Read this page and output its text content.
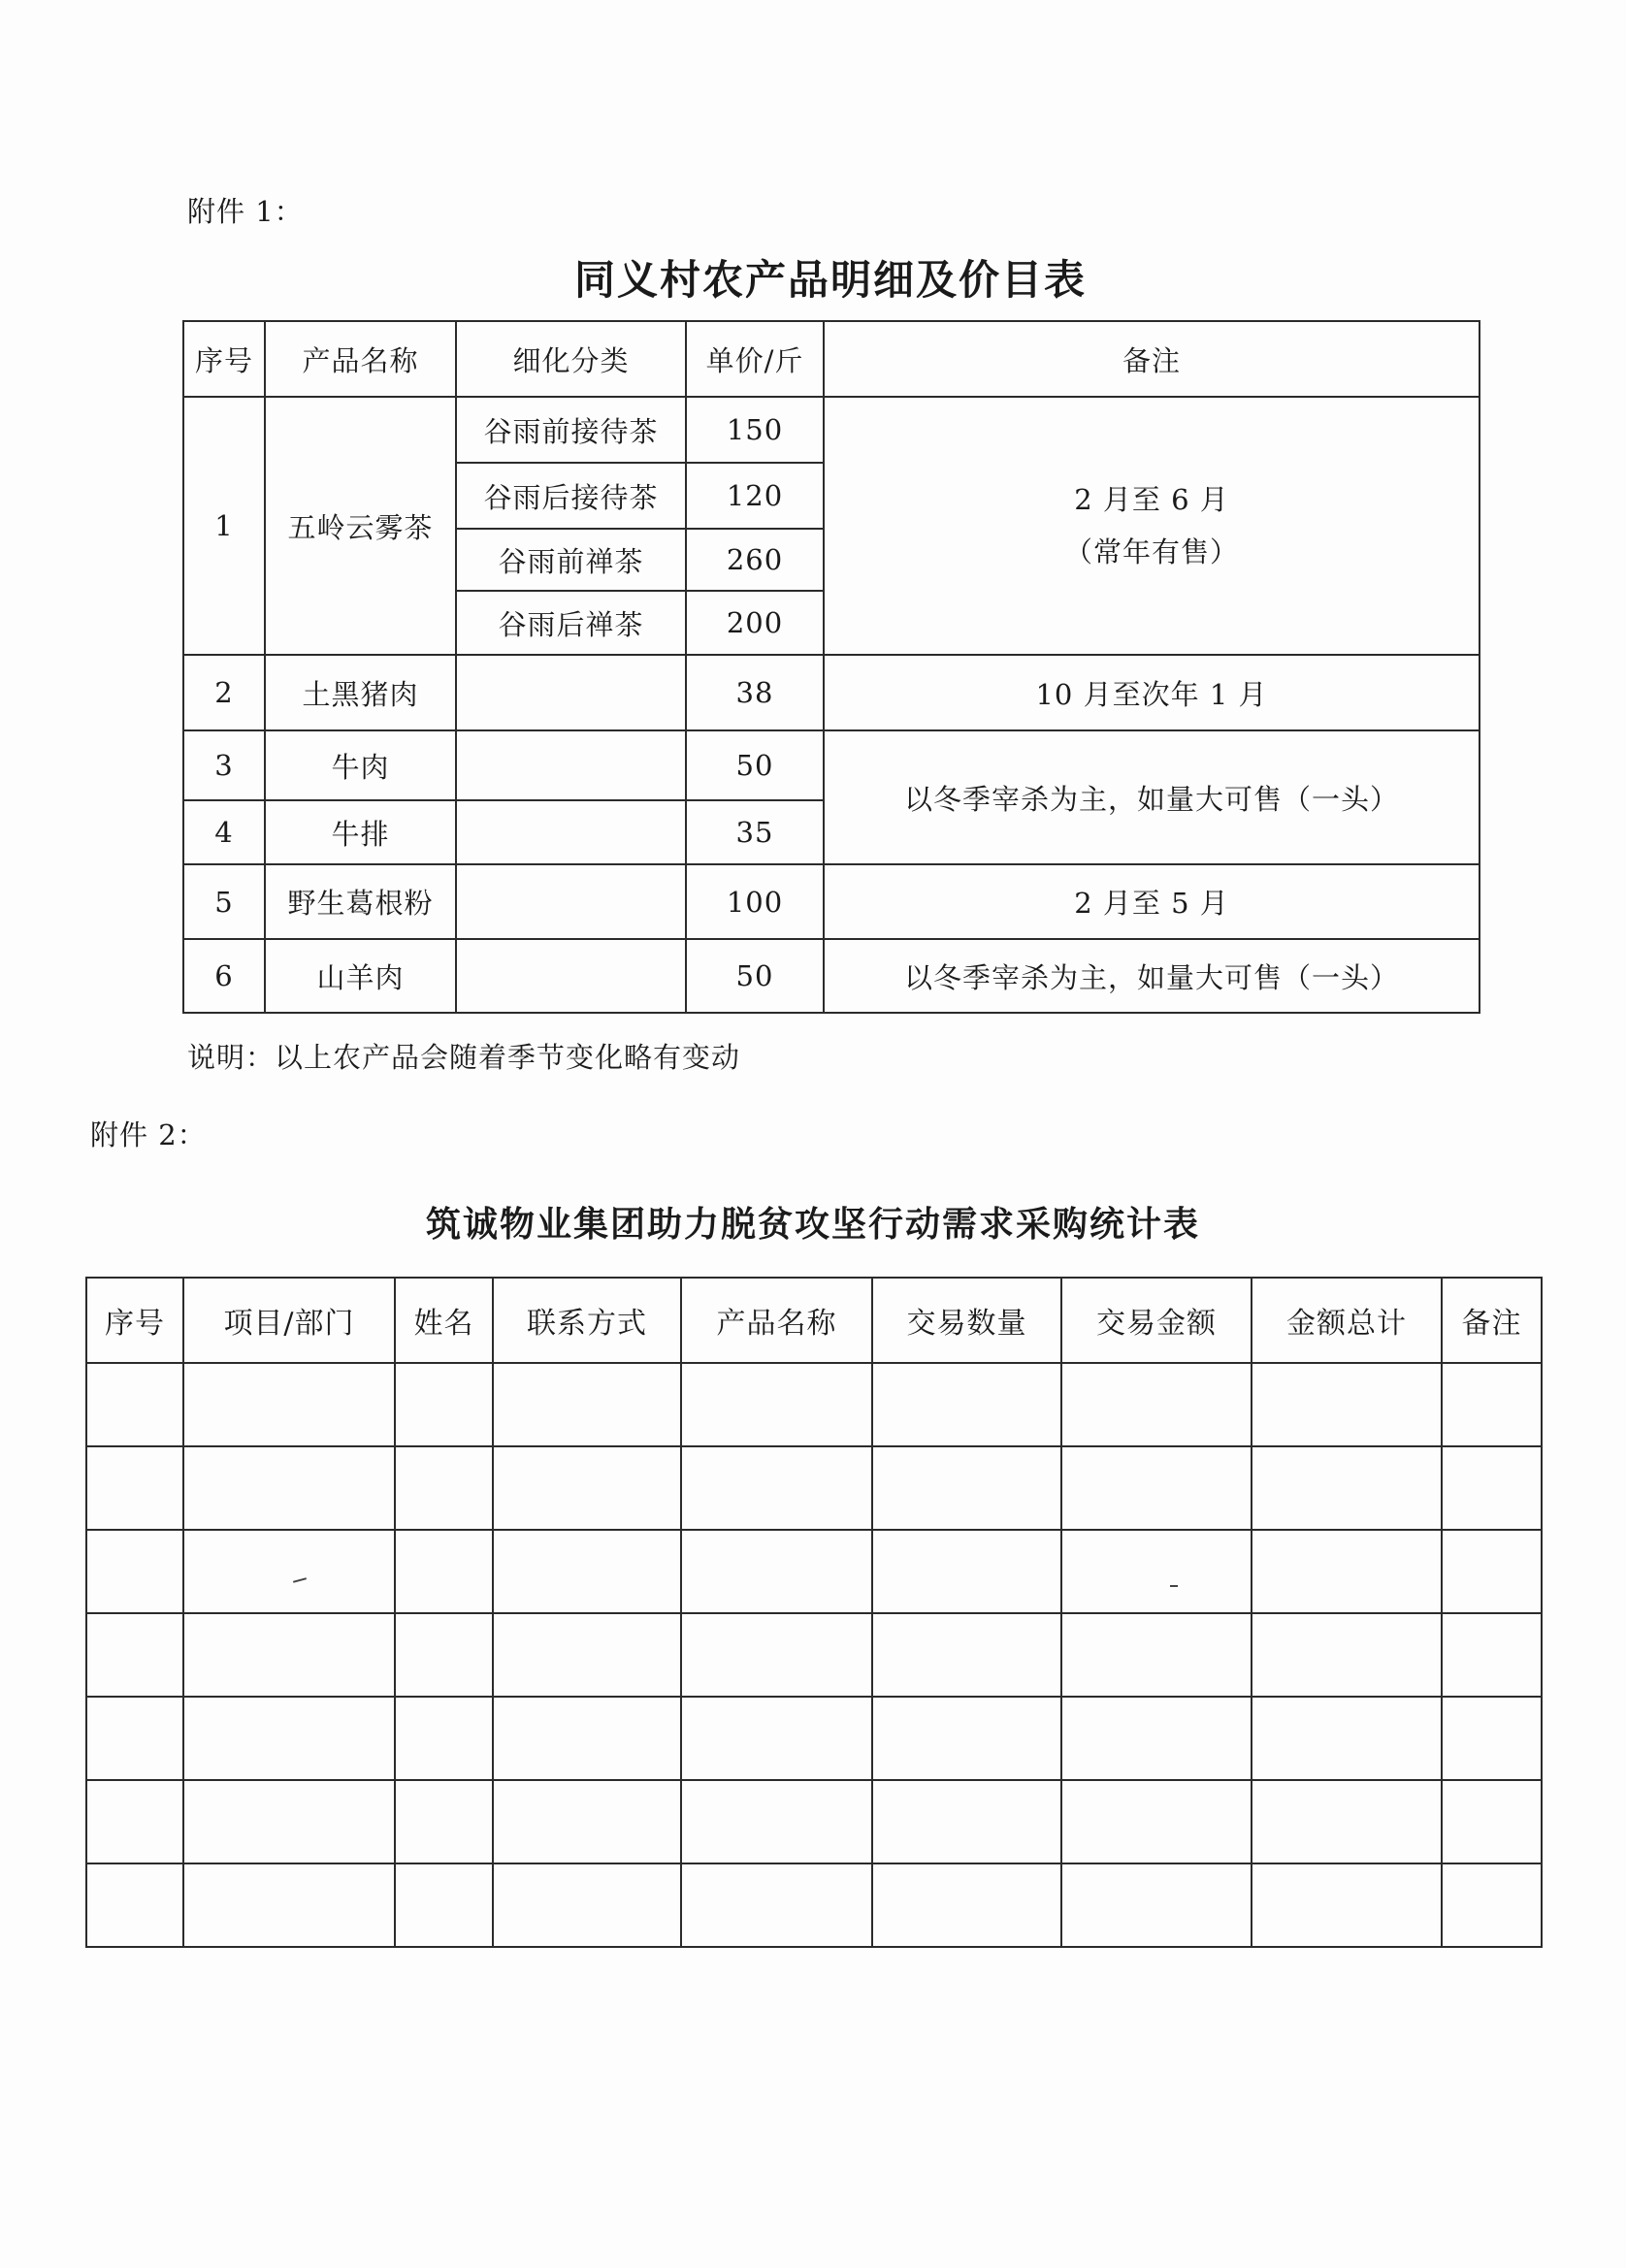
附件 1：
同义村农产品明细及价目表
序号	产品名称	细化分类	单价/斤	备注
1	五岭云雾茶	谷雨前接待茶	150	2 月至 6 月
（常年有售）

		谷雨后接待茶	120	
		谷雨前禅茶	260	
		谷雨后禅茶	200	
2	土黑猪肉		38	10 月至次年 1 月
3	牛肉		50	以冬季宰杀为主，如量大可售（一头）
4	牛排		35	
5	野生葛根粉		100	2 月至 5 月
6	山羊肉		50	以冬季宰杀为主，如量大可售（一头）
说明：以上农产品会随着季节变化略有变动
附件 2：
筑诚物业集团助力脱贫攻坚行动需求采购统计表
序号	项目/部门	姓名	联系方式	产品名称	交易数量	交易金额	金额总计	备注
